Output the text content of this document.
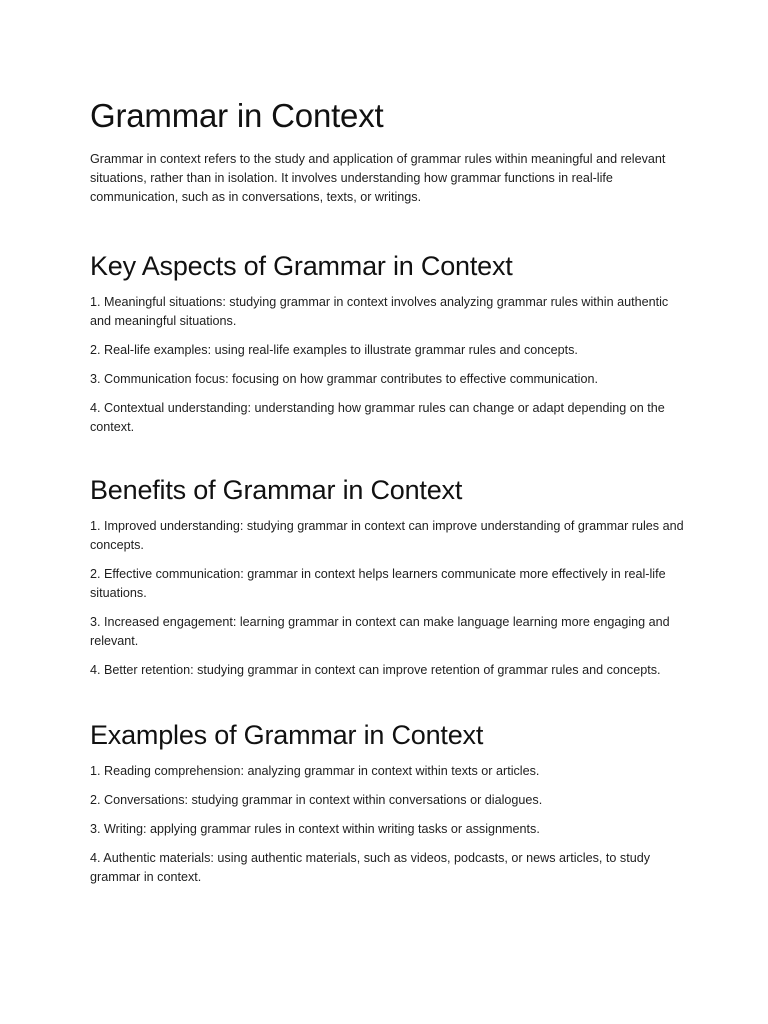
Grammar in Context

Grammar in context refers to the study and application of grammar rules within meaningful and relevant situations, rather than in isolation. It involves understanding how grammar functions in real-life communication, such as in conversations, texts, or writings.

Key Aspects of Grammar in Context

1. Meaningful situations: studying grammar in context involves analyzing grammar rules within authentic and meaningful situations.

2. Real-life examples: using real-life examples to illustrate grammar rules and concepts.

3. Communication focus: focusing on how grammar contributes to effective communication.

4. Contextual understanding: understanding how grammar rules can change or adapt depending on the context.

Benefits of Grammar in Context

1. Improved understanding: studying grammar in context can improve understanding of grammar rules and concepts.

2. Effective communication: grammar in context helps learners communicate more effectively in real-life situations.

3. Increased engagement: learning grammar in context can make language learning more engaging and relevant.

4. Better retention: studying grammar in context can improve retention of grammar rules and concepts.

Examples of Grammar in Context

1. Reading comprehension: analyzing grammar in context within texts or articles.

2. Conversations: studying grammar in context within conversations or dialogues.

3. Writing: applying grammar rules in context within writing tasks or assignments.

4. Authentic materials: using authentic materials, such as videos, podcasts, or news articles, to study grammar in context.
